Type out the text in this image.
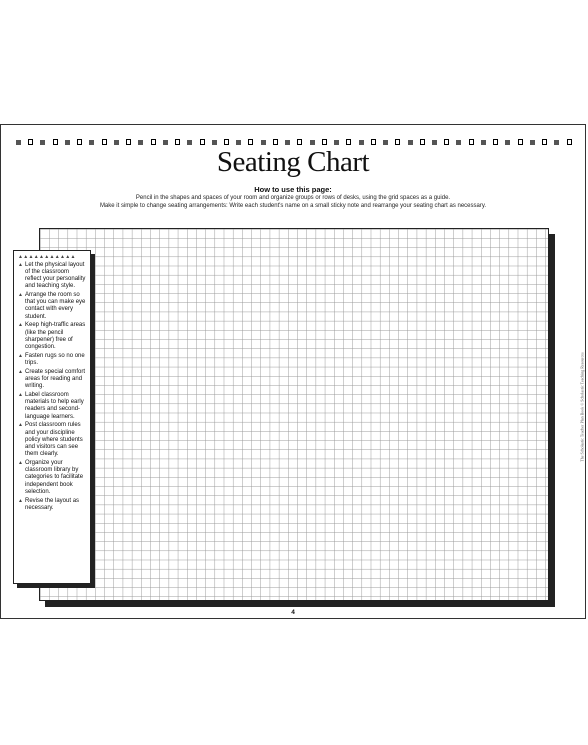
Seating Chart
How to use this page:
Pencil in the shapes and spaces of your room and organize groups or rows of desks, using the grid spaces as a guide.
Make it simple to change seating arrangements: Write each student's name on a small sticky note and rearrange your seating chart as necessary.
▲▲▲▲▲▲▲▲▲▲▲
▲ Let the physical layout of the classroom reflect your personality and teaching style.
▲ Arrange the room so that you can make eye contact with every student.
▲ Keep high-traffic areas (like the pencil sharpener) free of congestion.
▲ Fasten rugs so no one trips.
▲ Create special comfort areas for reading and writing.
▲ Label classroom materials to help early readers and second-language learners.
▲ Post classroom rules and your discipline policy where students and visitors can see them clearly.
▲ Organize your classroom library by categories to facilitate independent book selection.
▲ Revise the layout as necessary.
4
The Scholastic Teacher Plan Book © Scholastic Teaching Resources
